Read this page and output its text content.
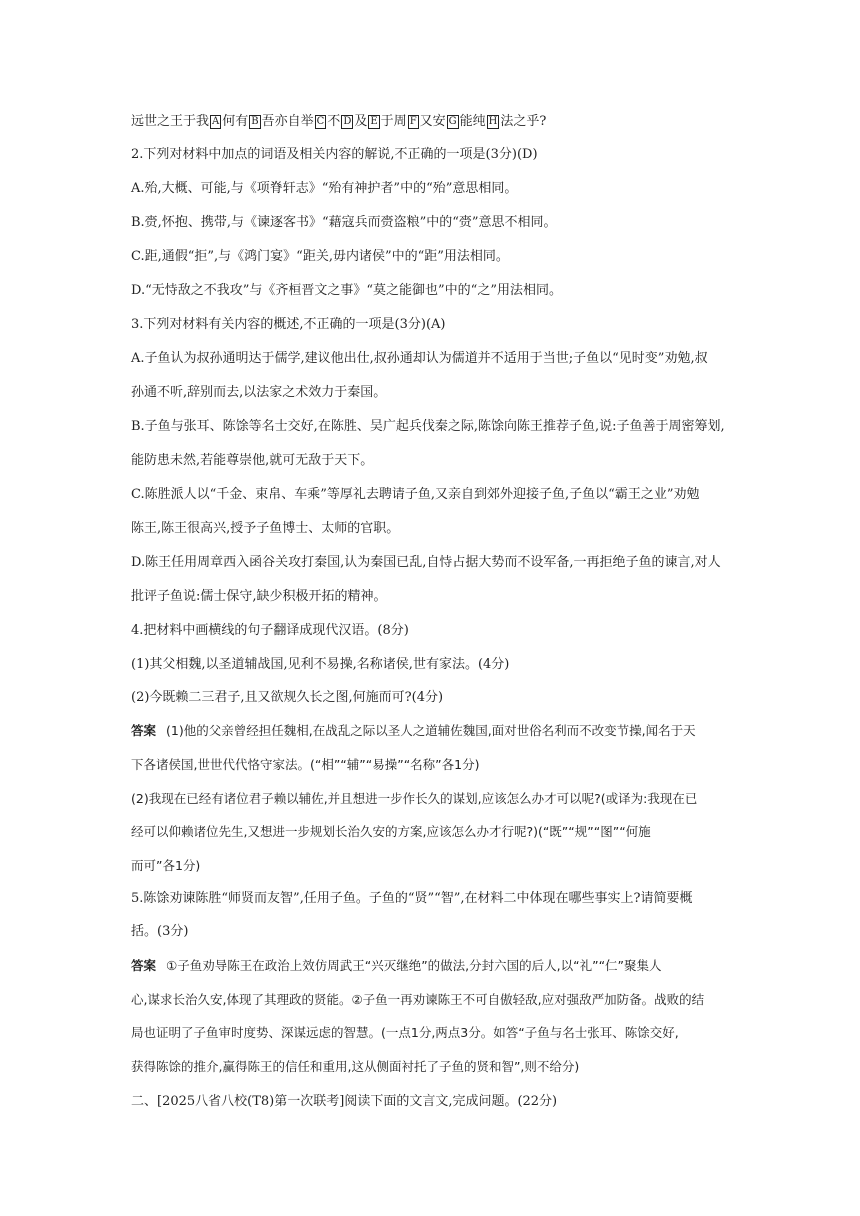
远世之王于我 A 何有 B 吾亦自举 C 不 D 及 E 于周 F 又安 G 能纯 H 法之乎?
2.下列对材料中加点的词语及相关内容的解说,不正确的一项是(3分)(D)
A.殆,大概、可能,与《项脊轩志》“殆有神护者”中的“殆”意思相同。
B.赍,怀抱、携带,与《谏逐客书》“藉寇兵而赍盗粮”中的“赍”意思不相同。
C.距,通假“拒”,与《鸿门宴》“距关,毋内诸侯”中的“距”用法相同。
D.“无恃敌之不我攻”与《齐桓晋文之事》“莫之能御也”中的“之”用法相同。
3.下列对材料有关内容的概述,不正确的一项是(3分)(A)
A.子鱼认为叔孙通明达于儒学,建议他出仕,叔孙通却认为儒道并不适用于当世;子鱼以“见时变”劝勉,叔
孙通不听,辞别而去,以法家之术效力于秦国。
B.子鱼与张耳、陈馀等名士交好,在陈胜、吴广起兵伐秦之际,陈馀向陈王推荐子鱼,说:子鱼善于周密筹划,
能防患未然,若能尊崇他,就可无敌于天下。
C.陈胜派人以“千金、束帛、车乘”等厚礼去聘请子鱼,又亲自到郊外迎接子鱼,子鱼以“霸王之业”劝勉
陈王,陈王很高兴,授予子鱼博士、太师的官职。
D.陈王任用周章西入函谷关攻打秦国,认为秦国已乱,自恃占据大势而不设军备,一再拒绝子鱼的谏言,对人
批评子鱼说:儒士保守,缺少积极开拓的精神。
4.把材料中画横线的句子翻译成现代汉语。(8分)
(1)其父相魏,以圣道辅战国,见利不易操,名称诸侯,世有家法。(4分)
(2)今既赖二三君子,且又欲规久长之图,何施而可?(4分)
答案 (1)他的父亲曾经担任魏相,在战乱之际以圣人之道辅佐魏国,面对世俗名利而不改变节操,闻名于天
下各诸侯国,世世代代恪守家法。(“相”“辅”“易操”“名称”各1分)
(2)我现在已经有诸位君子赖以辅佐,并且想进一步作长久的谋划,应该怎么办才可以呢?(或译为:我现在已
经可以仰赖诸位先生,又想进一步规划长治久安的方案,应该怎么办才行呢?)(“既”“规”“图”“何施
而可”各1分)
5.陈馀劝谏陈胜“师贤而友智”,任用子鱼。子鱼的“贤”“智”,在材料二中体现在哪些事实上?请简要概
括。(3分)
答案 ①子鱼劝导陈王在政治上效仿周武王“兴灭继绝”的做法,分封六国的后人,以“礼”“仁”聚集人
心,谋求长治久安,体现了其理政的贤能。②子鱼一再劝谏陈王不可自傲轻敌,应对强敌严加防备。战败的结
局也证明了子鱼审时度势、深谋远虑的智慧。(一点1分,两点3分。如答“子鱼与名士张耳、陈馀交好,
获得陈馀的推介,赢得陈王的信任和重用,这从侧面衬托了子鱼的贤和智”,则不给分)
二、[2025八省八校(T8)第一次联考]阅读下面的文言文,完成问题。(22分)
